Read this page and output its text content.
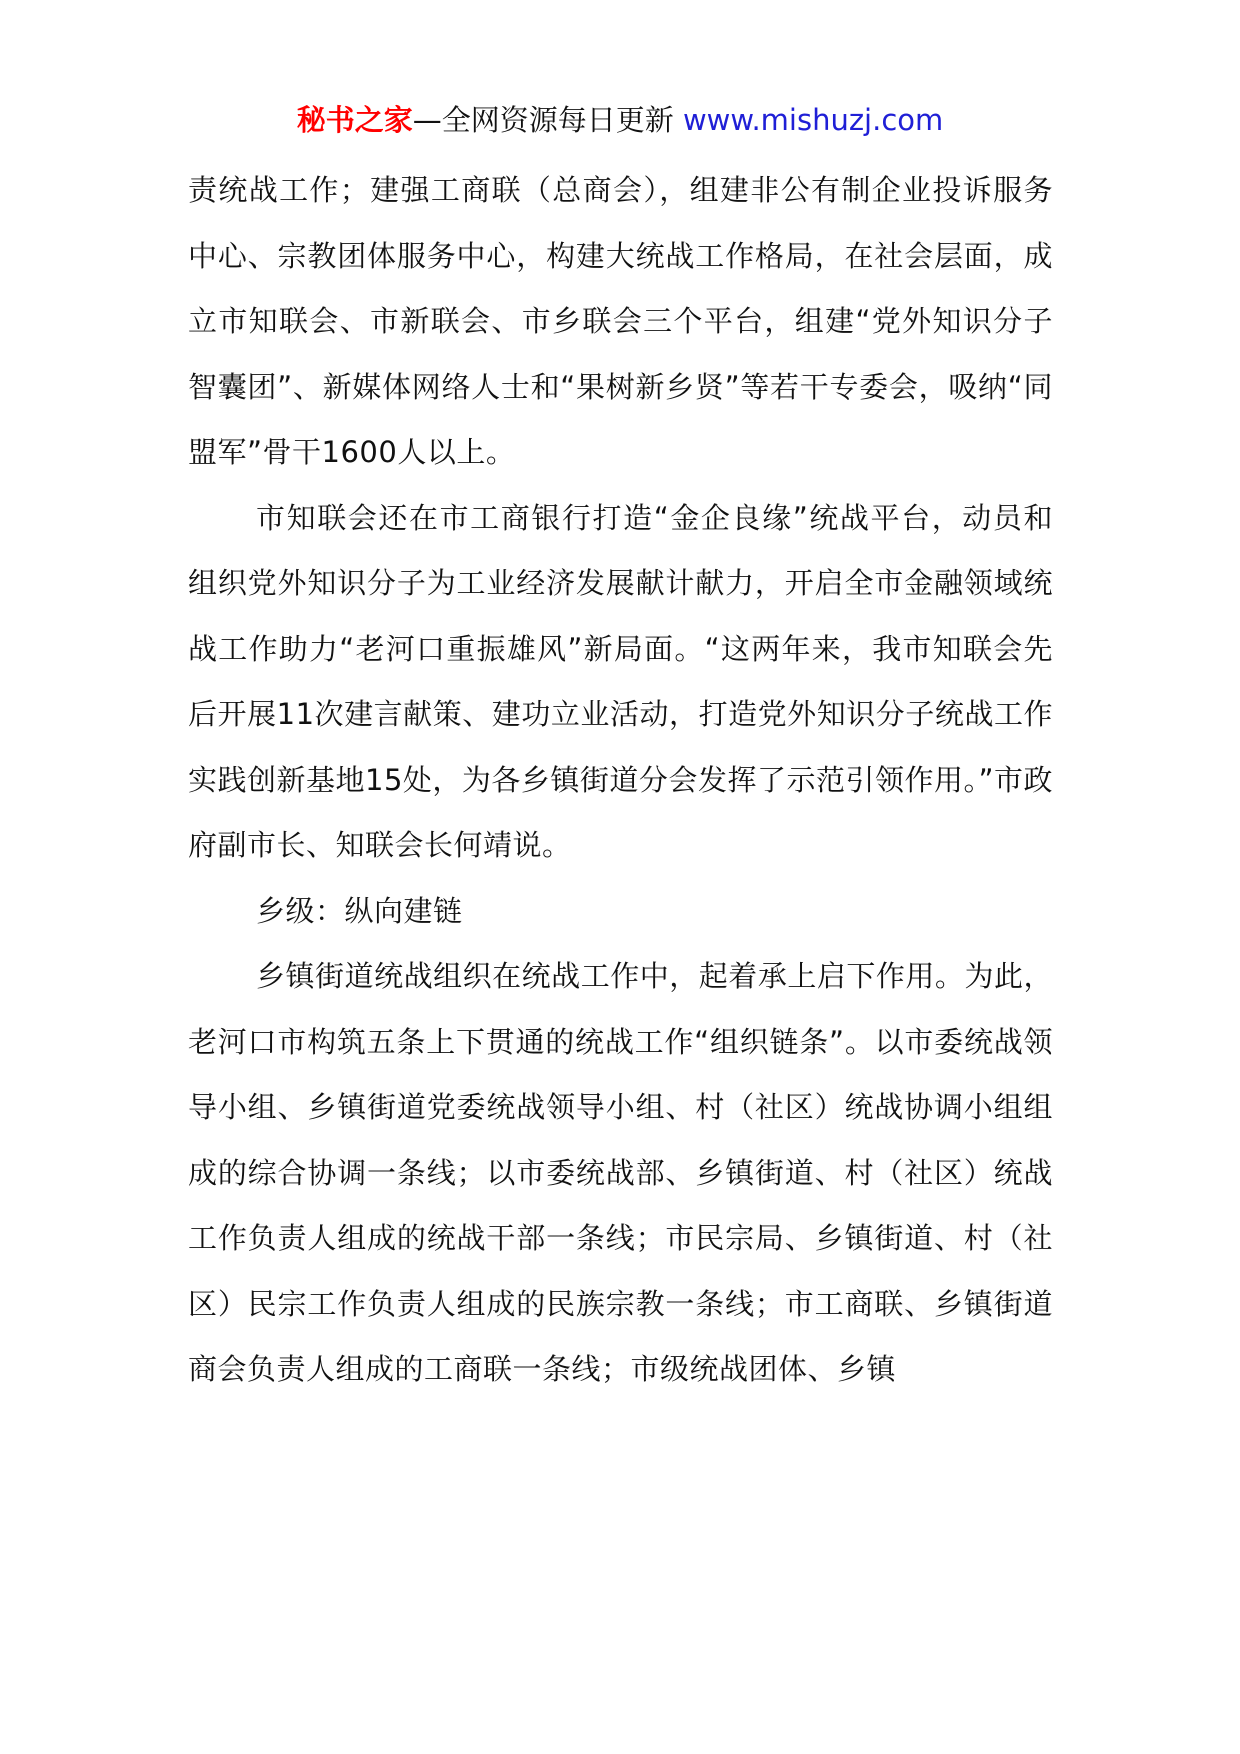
秘书之家—全网资源每日更新 www.mishuzj.com

责统战工作；建强工商联（总商会），组建非公有制企业投诉服务中心、宗教团体服务中心，构建大统战工作格局，在社会层面，成立市知联会、市新联会、市乡联会三个平台，组建“党外知识分子智囊团”、新媒体网络人士和“果树新乡贤”等若干专委会，吸纳“同盟军”骨干1600人以上。

市知联会还在市工商银行打造“金企良缘”统战平台，动员和组织党外知识分子为工业经济发展献计献力，开启全市金融领域统战工作助力“老河口重振雄风”新局面。“这两年来，我市知联会先后开展11次建言献策、建功立业活动，打造党外知识分子统战工作实践创新基地15处，为各乡镇街道分会发挥了示范引领作用。”市政府副市长、知联会长何靖说。

乡级：纵向建链

乡镇街道统战组织在统战工作中，起着承上启下作用。为此，老河口市构筑五条上下贯通的统战工作“组织链条”。以市委统战领导小组、乡镇街道党委统战领导小组、村（社区）统战协调小组组成的综合协调一条线；以市委统战部、乡镇街道、村（社区）统战工作负责人组成的统战干部一条线；市民宗局、乡镇街道、村（社区）民宗工作负责人组成的民族宗教一条线；市工商联、乡镇街道商会负责人组成的工商联一条线；市级统战团体、乡镇
